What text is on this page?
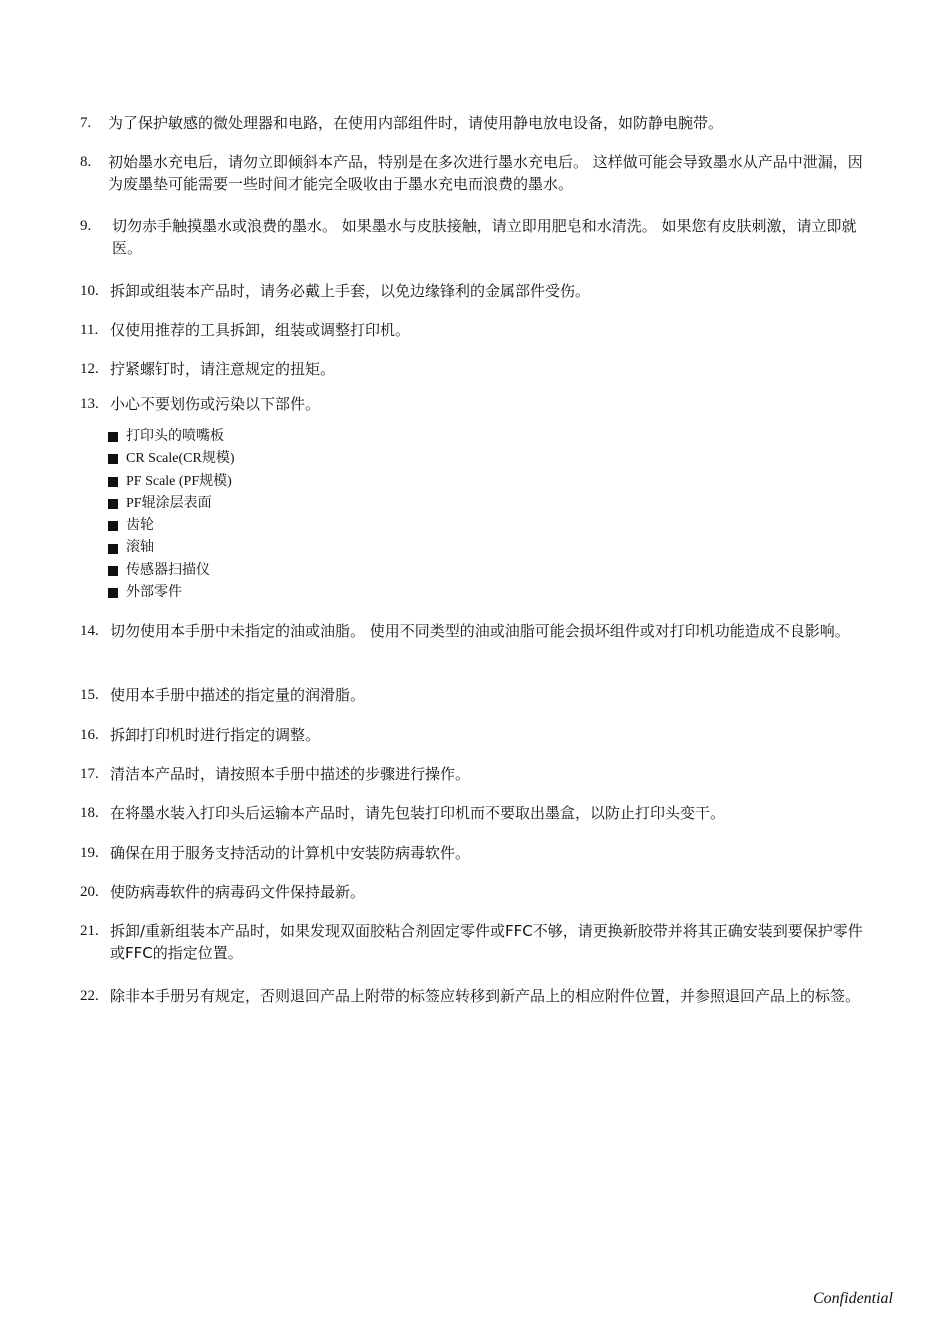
7. 为了保护敏感的微处理器和电路，在使用内部组件时，请使用静电放电设备，如防静电腕带。
8. 初始墨水充电后，请勿立即倾斜本产品，特别是在多次进行墨水充电后。 这样做可能会导致墨水从产品中泄漏，因为废墨垫可能需要一些时间才能完全吸收由于墨水充电而浪费的墨水。
9. 切勿赤手触摸墨水或浪费的墨水。 如果墨水与皮肤接触，请立即用肥皂和水清洗。 如果您有皮肤刺激，请立即就医。
10. 拆卸或组装本产品时，请务必戴上手套，以免边缘锋利的金属部件受伤。
11. 仅使用推荐的工具拆卸，组装或调整打印机。
12. 拧紧螺钉时，请注意规定的扭矩。
13. 小心不要划伤或污染以下部件。
打印头的喷嘴板
CR Scale(CR规模)
PF Scale (PF规模)
PF辊涂层表面
齿轮
滚轴
传感器扫描仪
外部零件
14. 切勿使用本手册中未指定的油或油脂。 使用不同类型的油或油脂可能会损坏组件或对打印机功能造成不良影响。
15. 使用本手册中描述的指定量的润滑脂。
16. 拆卸打印机时进行指定的调整。
17. 清洁本产品时，请按照本手册中描述的步骤进行操作。
18. 在将墨水装入打印头后运输本产品时，请先包装打印机而不要取出墨盒，以防止打印头变干。
19. 确保在用于服务支持活动的计算机中安装防病毒软件。
20. 使防病毒软件的病毒码文件保持最新。
21. 拆卸/重新组装本产品时，如果发现双面胶粘合剂固定零件或FFC不够，请更换新胶带并将其正确安装到要保护零件或FFC的指定位置。
22. 除非本手册另有规定，否则退回产品上附带的标签应转移到新产品上的相应附件位置，并参照退回产品上的标签。
Confidential
